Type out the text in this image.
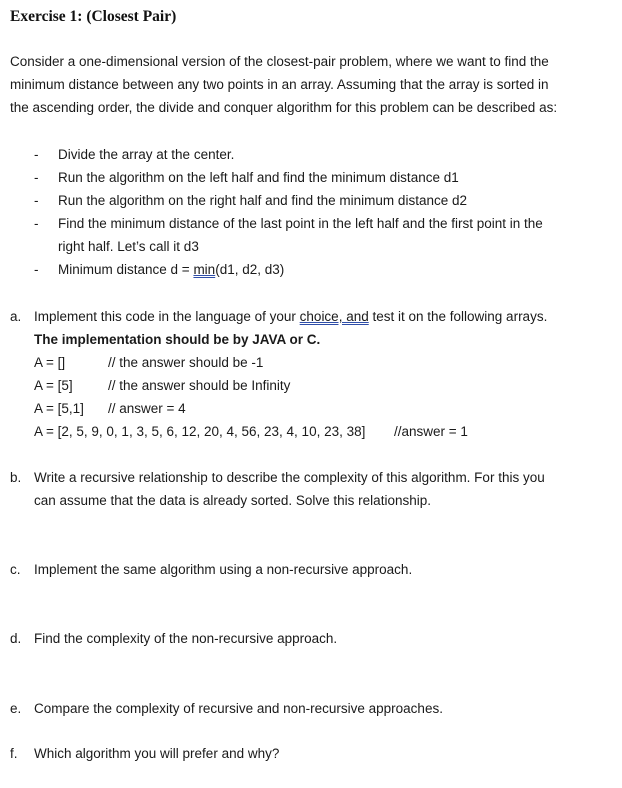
Exercise 1: (Closest Pair)
Consider a one-dimensional version of the closest-pair problem, where we want to find the
minimum distance between any two points in an array. Assuming that the array is sorted in
the ascending order, the divide and conquer algorithm for this problem can be described as:
- Divide the array at the center.
- Run the algorithm on the left half and find the minimum distance d1
- Run the algorithm on the right half and find the minimum distance d2
- Find the minimum distance of the last point in the left half and the first point in the
right half. Let’s call it d3
- Minimum distance d = min(d1, d2, d3)
a. Implement this code in the language of your choice, and test it on the following arrays.
The implementation should be by JAVA or C.
A = []	// the answer should be -1
A = [5]	// the answer should be Infinity
A = [5,1] // answer = 4
A = [2, 5, 9, 0, 1, 3, 5, 6, 12, 20, 4, 56, 23, 4, 10, 23, 38] //answer = 1
b. Write a recursive relationship to describe the complexity of this algorithm. For this you
can assume that the data is already sorted. Solve this relationship.
c. Implement the same algorithm using a non-recursive approach.
d. Find the complexity of the non-recursive approach.
e. Compare the complexity of recursive and non-recursive approaches.
f. Which algorithm you will prefer and why?
